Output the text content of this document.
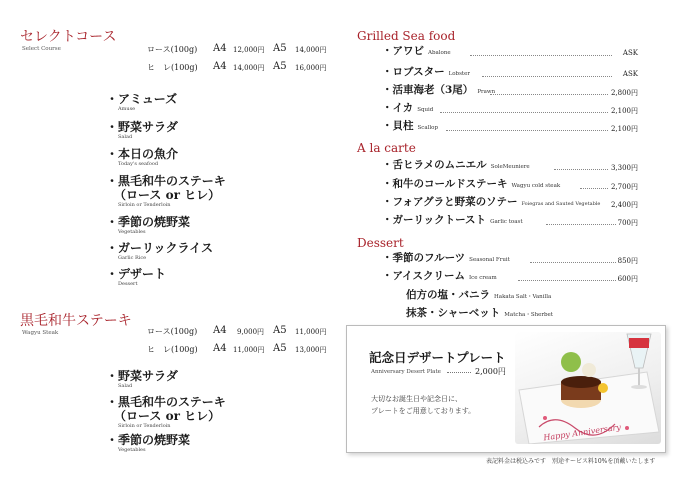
セレクトコース
Select Course	ロース(100g) A4 12,000円 A5 14,000円
ヒ　レ(100g) A4 14,000円 A5 16,000円
・アミューズ
Amuse
・野菜サラダ
Salad
・本日の魚介
Today's seafood
・黒毛和牛のステーキ
（ロース or ヒレ）
Sirloin or Tenderloin
・季節の焼野菜
Vegetables
・ガーリックライス
Garlic Rice
・デザート
Dessert
黒毛和牛ステーキ
Wagyu Steak	ロース(100g) A4 9,000円 A5 11,000円
ヒ　レ(100g) A4 11,000円 A5 13,000円
・野菜サラダ
Salad
・黒毛和牛のステーキ
（ロース or ヒレ）
Sirloin or Tenderloin
・季節の焼野菜
Vegetables
Grilled Sea food
・アワビ Abalone	ASK
・ロブスター Lobster	ASK
・活車海老（3尾） Prawn	2,800円
・イカ Squid	2,100円
・貝柱 Scallop	2,100円
A la carte
・舌ヒラメのムニエル SoleMeuniere	3,300円
・和牛のコールドステーキ Wagyu cold steak	2,700円
・フォアグラと野菜のソテー Foiegras and Sauted Vegetable 2,400円
・ガーリックトースト Garlic toast	700円
Dessert
・季節のフルーツ Seasonal Fruit	850円
・アイスクリーム Ice cream	600円
伯方の塩・バニラ Hakata Salt・Vanilla
抹茶・シャーベット Matcha・Sherbet
記念日デザートプレート
Anniversary Desert Plate	2,000円
大切なお誕生日や記念日に、
プレートをご用意しております。
Happy Anniversary
表記料金は税込みです　別途サービス料10%を頂戴いたします
